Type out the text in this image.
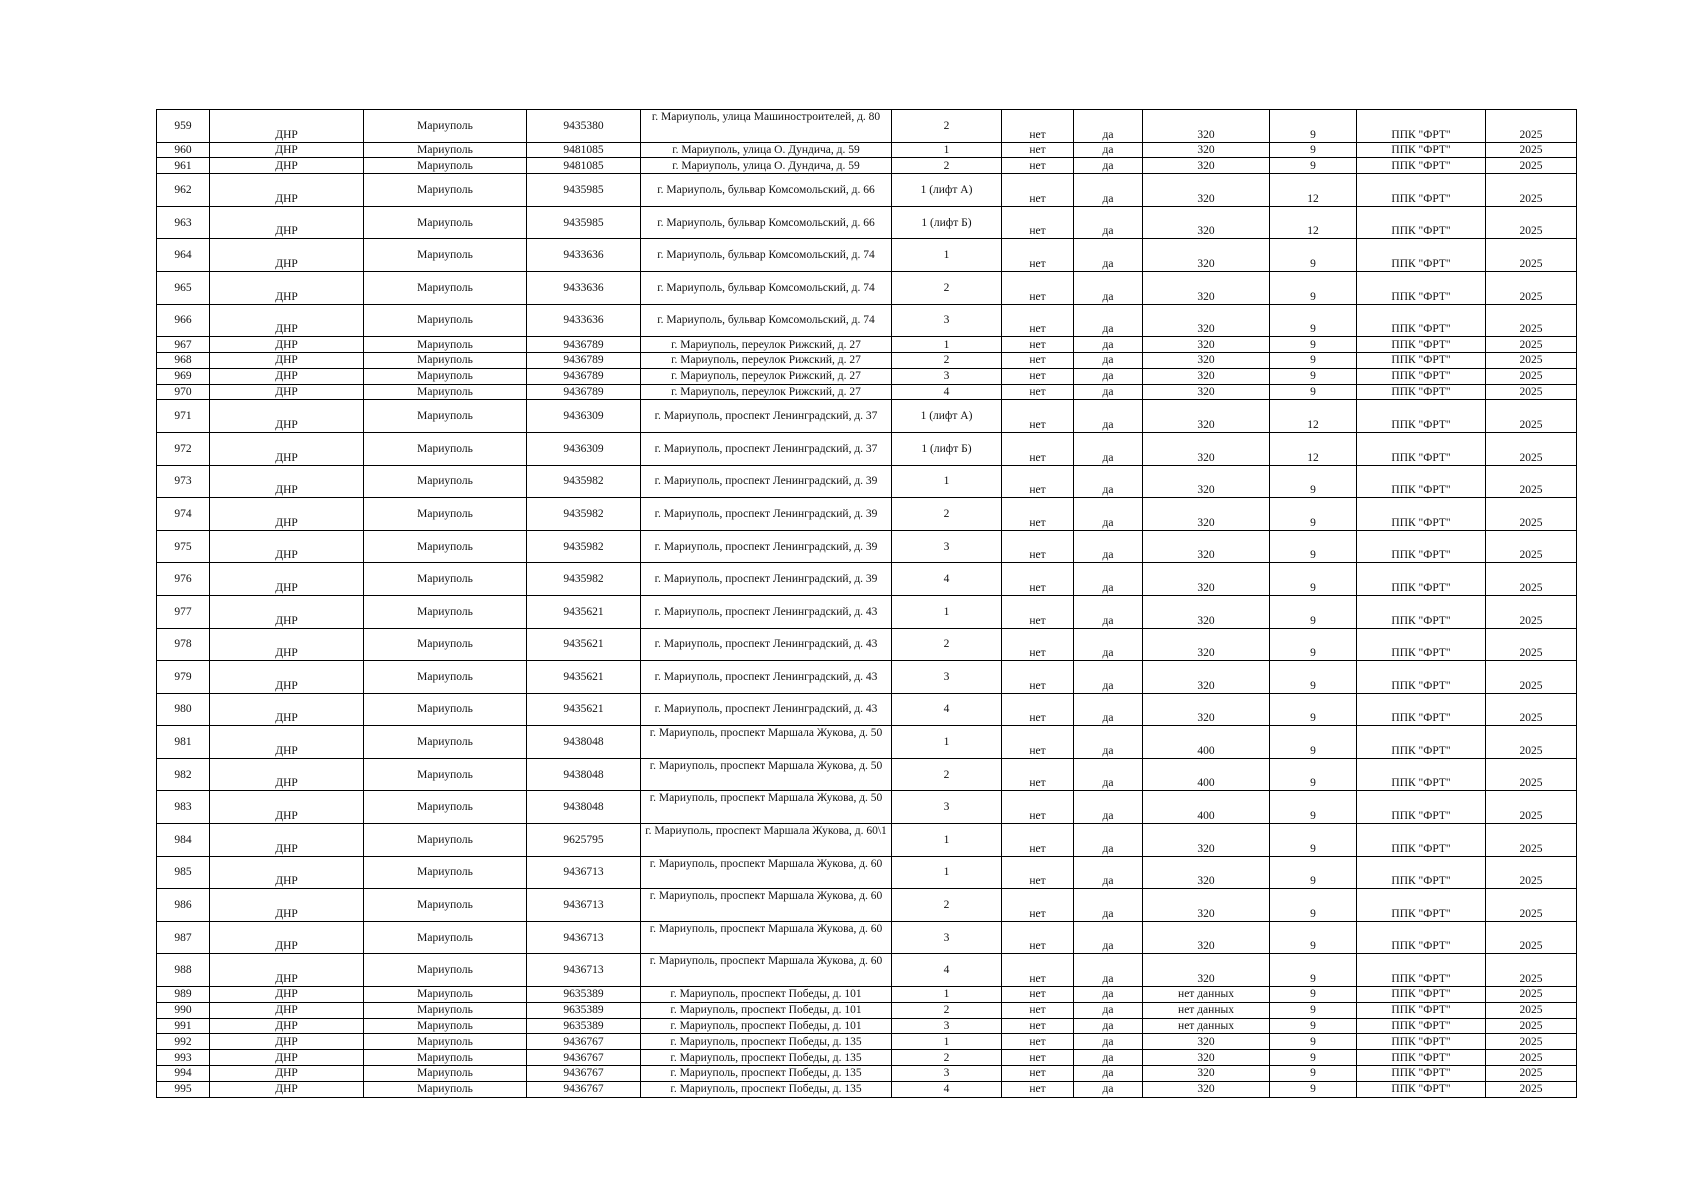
959	ДНР	Мариуполь	9435380	г. Мариуполь, улица Машиностроителей, д. 80	2	нет	да	320	9	ППК "ФРТ"	2025
960	ДНР	Мариуполь	9481085	г. Мариуполь, улица О. Дундича, д. 59	1	нет	да	320	9	ППК "ФРТ"	2025
961	ДНР	Мариуполь	9481085	г. Мариуполь, улица О. Дундича, д. 59	2	нет	да	320	9	ППК "ФРТ"	2025
962	ДНР	Мариуполь	9435985	г. Мариуполь, бульвар Комсомольский, д. 66	1 (лифт А)	нет	да	320	12	ППК "ФРТ"	2025
963	ДНР	Мариуполь	9435985	г. Мариуполь, бульвар Комсомольский, д. 66	1 (лифт Б)	нет	да	320	12	ППК "ФРТ"	2025
964	ДНР	Мариуполь	9433636	г. Мариуполь, бульвар Комсомольский, д. 74	1	нет	да	320	9	ППК "ФРТ"	2025
965	ДНР	Мариуполь	9433636	г. Мариуполь, бульвар Комсомольский, д. 74	2	нет	да	320	9	ППК "ФРТ"	2025
966	ДНР	Мариуполь	9433636	г. Мариуполь, бульвар Комсомольский, д. 74	3	нет	да	320	9	ППК "ФРТ"	2025
967	ДНР	Мариуполь	9436789	г. Мариуполь, переулок Рижский, д. 27	1	нет	да	320	9	ППК "ФРТ"	2025
968	ДНР	Мариуполь	9436789	г. Мариуполь, переулок Рижский, д. 27	2	нет	да	320	9	ППК "ФРТ"	2025
969	ДНР	Мариуполь	9436789	г. Мариуполь, переулок Рижский, д. 27	3	нет	да	320	9	ППК "ФРТ"	2025
970	ДНР	Мариуполь	9436789	г. Мариуполь, переулок Рижский, д. 27	4	нет	да	320	9	ППК "ФРТ"	2025
971	ДНР	Мариуполь	9436309	г. Мариуполь, проспект Ленинградский, д. 37	1 (лифт А)	нет	да	320	12	ППК "ФРТ"	2025
972	ДНР	Мариуполь	9436309	г. Мариуполь, проспект Ленинградский, д. 37	1 (лифт Б)	нет	да	320	12	ППК "ФРТ"	2025
973	ДНР	Мариуполь	9435982	г. Мариуполь, проспект Ленинградский, д. 39	1	нет	да	320	9	ППК "ФРТ"	2025
974	ДНР	Мариуполь	9435982	г. Мариуполь, проспект Ленинградский, д. 39	2	нет	да	320	9	ППК "ФРТ"	2025
975	ДНР	Мариуполь	9435982	г. Мариуполь, проспект Ленинградский, д. 39	3	нет	да	320	9	ППК "ФРТ"	2025
976	ДНР	Мариуполь	9435982	г. Мариуполь, проспект Ленинградский, д. 39	4	нет	да	320	9	ППК "ФРТ"	2025
977	ДНР	Мариуполь	9435621	г. Мариуполь, проспект Ленинградский, д. 43	1	нет	да	320	9	ППК "ФРТ"	2025
978	ДНР	Мариуполь	9435621	г. Мариуполь, проспект Ленинградский, д. 43	2	нет	да	320	9	ППК "ФРТ"	2025
979	ДНР	Мариуполь	9435621	г. Мариуполь, проспект Ленинградский, д. 43	3	нет	да	320	9	ППК "ФРТ"	2025
980	ДНР	Мариуполь	9435621	г. Мариуполь, проспект Ленинградский, д. 43	4	нет	да	320	9	ППК "ФРТ"	2025
981	ДНР	Мариуполь	9438048	г. Мариуполь, проспект Маршала Жукова, д. 50	1	нет	да	400	9	ППК "ФРТ"	2025
982	ДНР	Мариуполь	9438048	г. Мариуполь, проспект Маршала Жукова, д. 50	2	нет	да	400	9	ППК "ФРТ"	2025
983	ДНР	Мариуполь	9438048	г. Мариуполь, проспект Маршала Жукова, д. 50	3	нет	да	400	9	ППК "ФРТ"	2025
984	ДНР	Мариуполь	9625795	г. Мариуполь, проспект Маршала Жукова, д. 60\1	1	нет	да	320	9	ППК "ФРТ"	2025
985	ДНР	Мариуполь	9436713	г. Мариуполь, проспект Маршала Жукова, д. 60	1	нет	да	320	9	ППК "ФРТ"	2025
986	ДНР	Мариуполь	9436713	г. Мариуполь, проспект Маршала Жукова, д. 60	2	нет	да	320	9	ППК "ФРТ"	2025
987	ДНР	Мариуполь	9436713	г. Мариуполь, проспект Маршала Жукова, д. 60	3	нет	да	320	9	ППК "ФРТ"	2025
988	ДНР	Мариуполь	9436713	г. Мариуполь, проспект Маршала Жукова, д. 60	4	нет	да	320	9	ППК "ФРТ"	2025
989	ДНР	Мариуполь	9635389	г. Мариуполь, проспект Победы, д. 101	1	нет	да	нет данных	9	ППК "ФРТ"	2025
990	ДНР	Мариуполь	9635389	г. Мариуполь, проспект Победы, д. 101	2	нет	да	нет данных	9	ППК "ФРТ"	2025
991	ДНР	Мариуполь	9635389	г. Мариуполь, проспект Победы, д. 101	3	нет	да	нет данных	9	ППК "ФРТ"	2025
992	ДНР	Мариуполь	9436767	г. Мариуполь, проспект Победы, д. 135	1	нет	да	320	9	ППК "ФРТ"	2025
993	ДНР	Мариуполь	9436767	г. Мариуполь, проспект Победы, д. 135	2	нет	да	320	9	ППК "ФРТ"	2025
994	ДНР	Мариуполь	9436767	г. Мариуполь, проспект Победы, д. 135	3	нет	да	320	9	ППК "ФРТ"	2025
995	ДНР	Мариуполь	9436767	г. Мариуполь, проспект Победы, д. 135	4	нет	да	320	9	ППК "ФРТ"	2025
